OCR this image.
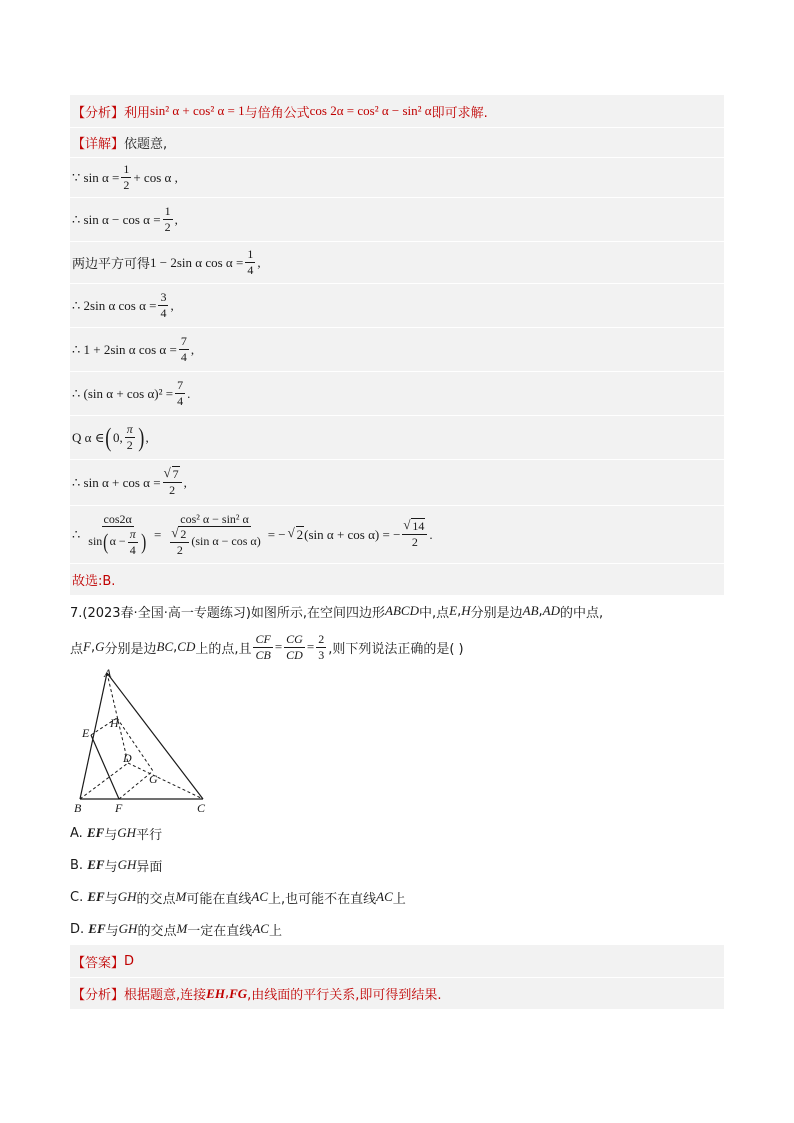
【分析】 利用 sin² α + cos² α = 1 与倍角公式 cos 2α = cos² α − sin² α 即可求解.
【详解】 依题意,
∵ $\sin \alpha = \frac{1}{2} + \cos \alpha$ ,
∴ $\sin \alpha - \cos \alpha = \frac{1}{2}$ ,
两边平方可得 1 − 2sin α $\cos \alpha = \frac{1}{4}$ ,
∴ 2sin α $\cos \alpha = \frac{3}{4}$ ,
∴ 1 + 2sin α $\cos \alpha = \frac{7}{4}$ ,
∴ (sin $\alpha + \cos \alpha)^2 = \frac{7}{4}$ .
Q α ∈ ( 0, $\frac{\pi}{2}$ ) ,
∴ sin α + cos α = √ $\frac{7}{2}$ ,
∴ $\frac{\cos 2\alpha}{\sin(\alpha - \frac{\pi}{4} )} = \cos^2$ α − sin² α
√ $\frac{2}{2} (\sin$ α − cos α) = − √ 2 (sin α + cos α) = − √ $\frac{14}{2}$ .
故选:B.
7.(2023春·全国·高一专题练习)如图所示,在空间四边形 ABCD 中,点 E , H 分别是边 AB , AD 的中点,
点 F , G 分别是边 BC , CD 上的点,且 $\frac{CF}{CB} = \frac{CG}{CD} = \frac{2}{3}$ ,则下列说法正确的是( )
A
H
E
D
G
B	F	C
A.
EF 与 GH 平行
B.
EF 与 GH 异面
C.
EF 与 GH 的交点 M 可能在直线 AC 上,也可能不在直线 AC 上
D.
EF 与 GH 的交点 M 一定在直线 AC 上
【答案】 D
【分析】 根据题意,连接 EH , FG ,由线面的平行关系,即可得到结果.
